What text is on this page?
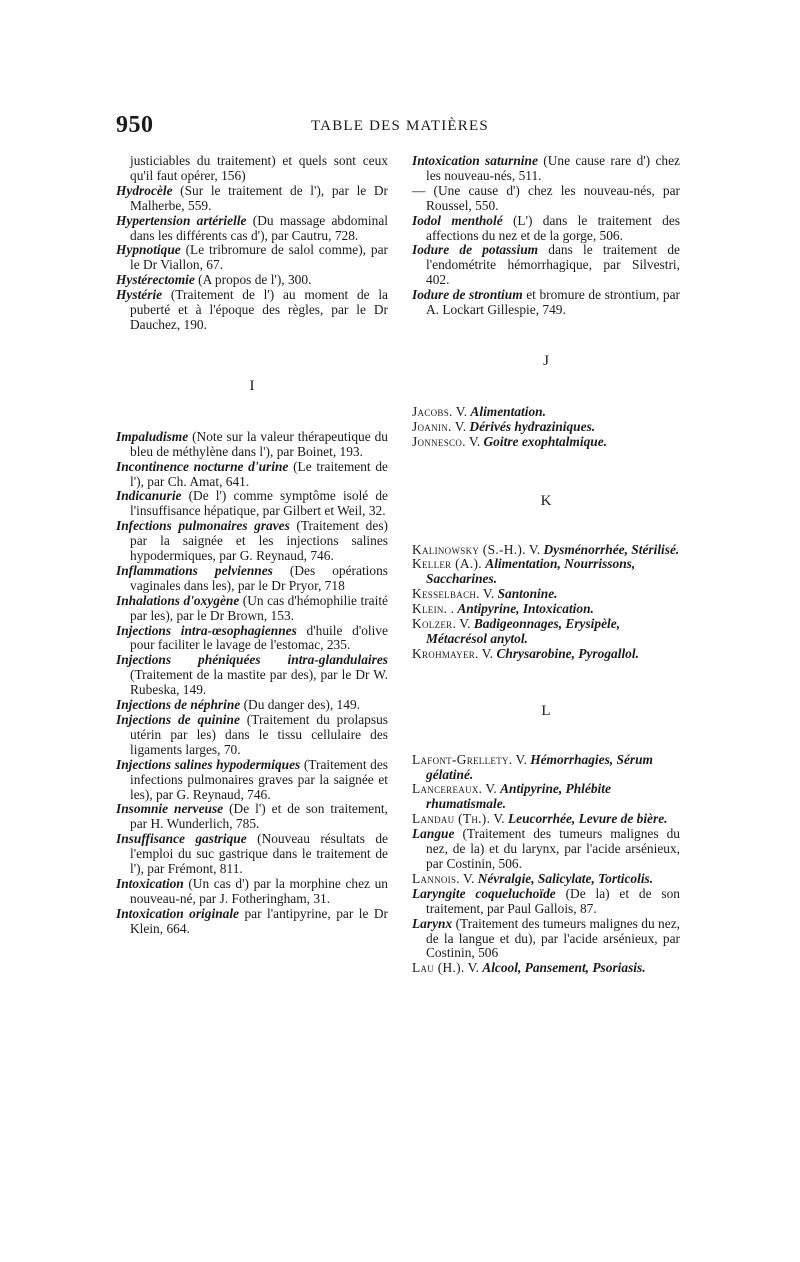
950	TABLE DES MATIÈRES

justiciables du traitement) et quels sont ceux qu'il faut opérer, 156)

Hydrocèle (Sur le traitement de l'), par le Dr Malherbe, 559.

Hypertension artérielle (Du massage abdominal dans les différents cas d'), par Cautru, 728.

Hypnotique (Le tribromure de salol comme), par le Dr Viallon, 67.

Hystérectomie (A propos de l'), 300.

Hystérie (Traitement de l') au moment de la puberté et à l'époque des règles, par le Dr Dauchez, 190.

I

Impaludisme (Note sur la valeur thérapeutique du bleu de méthylène dans l'), par Boinet, 193.

Incontinence nocturne d'urine (Le traitement de l'), par Ch. Amat, 641.

Indicanurie (De l') comme symptôme isolé de l'insuffisance hépatique, par Gilbert et Weil, 32.

Infections pulmonaires graves (Traitement des) par la saignée et les injections salines hypodermiques, par G. Reynaud, 746.

Inflammations pelviennes (Des opérations vaginales dans les), par le Dr Pryor, 718

Inhalations d'oxygène (Un cas d'hémophilie traité par les), par le Dr Brown, 153.

Injections intra-œsophagiennes d'huile d'olive pour faciliter le lavage de l'estomac, 235.

Injections phéniquées intra-glandulaires (Traitement de la mastite par des), par le Dr W. Rubeska, 149.

Injections de néphrine (Du danger des), 149.

Injections de quinine (Traitement du prolapsus utérin par les) dans le tissu cellulaire des ligaments larges, 70.

Injections salines hypodermiques (Traitement des infections pulmonaires graves par la saignée et les), par G. Reynaud, 746.

Insomnie nerveuse (De l') et de son traitement, par H. Wunderlich, 785.

Insuffisance gastrique (Nouveau résultats de l'emploi du suc gastrique dans le traitement de l'), par Frémont, 811.

Intoxication (Un cas d') par la morphine chez un nouveau-né, par J. Fotheringham, 31.

Intoxication originale par l'antipyrine, par le Dr Klein, 664.

Intoxication saturnine (Une cause rare d') chez les nouveau-nés, 511.

— (Une cause d') chez les nouveau-nés, par Roussel, 550.

Iodol mentholé (L') dans le traitement des affections du nez et de la gorge, 506.

Iodure de potassium dans le traitement de l'endométrite hémorrhagique, par Silvestri, 402.

Iodure de strontium et bromure de strontium, par A. Lockart Gillespie, 749.

J

Jacobs. V. Alimentation.

Joanin. V. Dérivés hydraziniques.

Jonnesco. V. Goitre exophtalmique.

K

Kalinowsky (S.-H.). V. Dysménorrhée, Stérilisé.

Keller (A.). Alimentation, Nourrissons, Saccharines.

Kesselbach. V. Santonine.

Klein. . Antipyrine, Intoxication.

Kolzer. V. Badigeonnages, Erysipèle, Métacrésol anytol.

Krohmayer. V. Chrysarobine, Pyrogallol.

L

Lafont-Grellety. V. Hémorrhagies, Sérum gélatiné.

Lancereaux. V. Antipyrine, Phlébite rhumatismale.

Landau (Th.). V. Leucorrhée, Levure de bière.

Langue (Traitement des tumeurs malignes du nez, de la) et du larynx, par l'acide arsénieux, par Costinin, 506.

Lannois. V. Névralgie, Salicylate, Torticolis.

Laryngite coqueluchoïde (De la) et de son traitement, par Paul Gallois, 87.

Larynx (Traitement des tumeurs malignes du nez, de la langue et du), par l'acide arsénieux, par Costinin, 506

Lau (H.). V. Alcool, Pansement, Psoriasis.
